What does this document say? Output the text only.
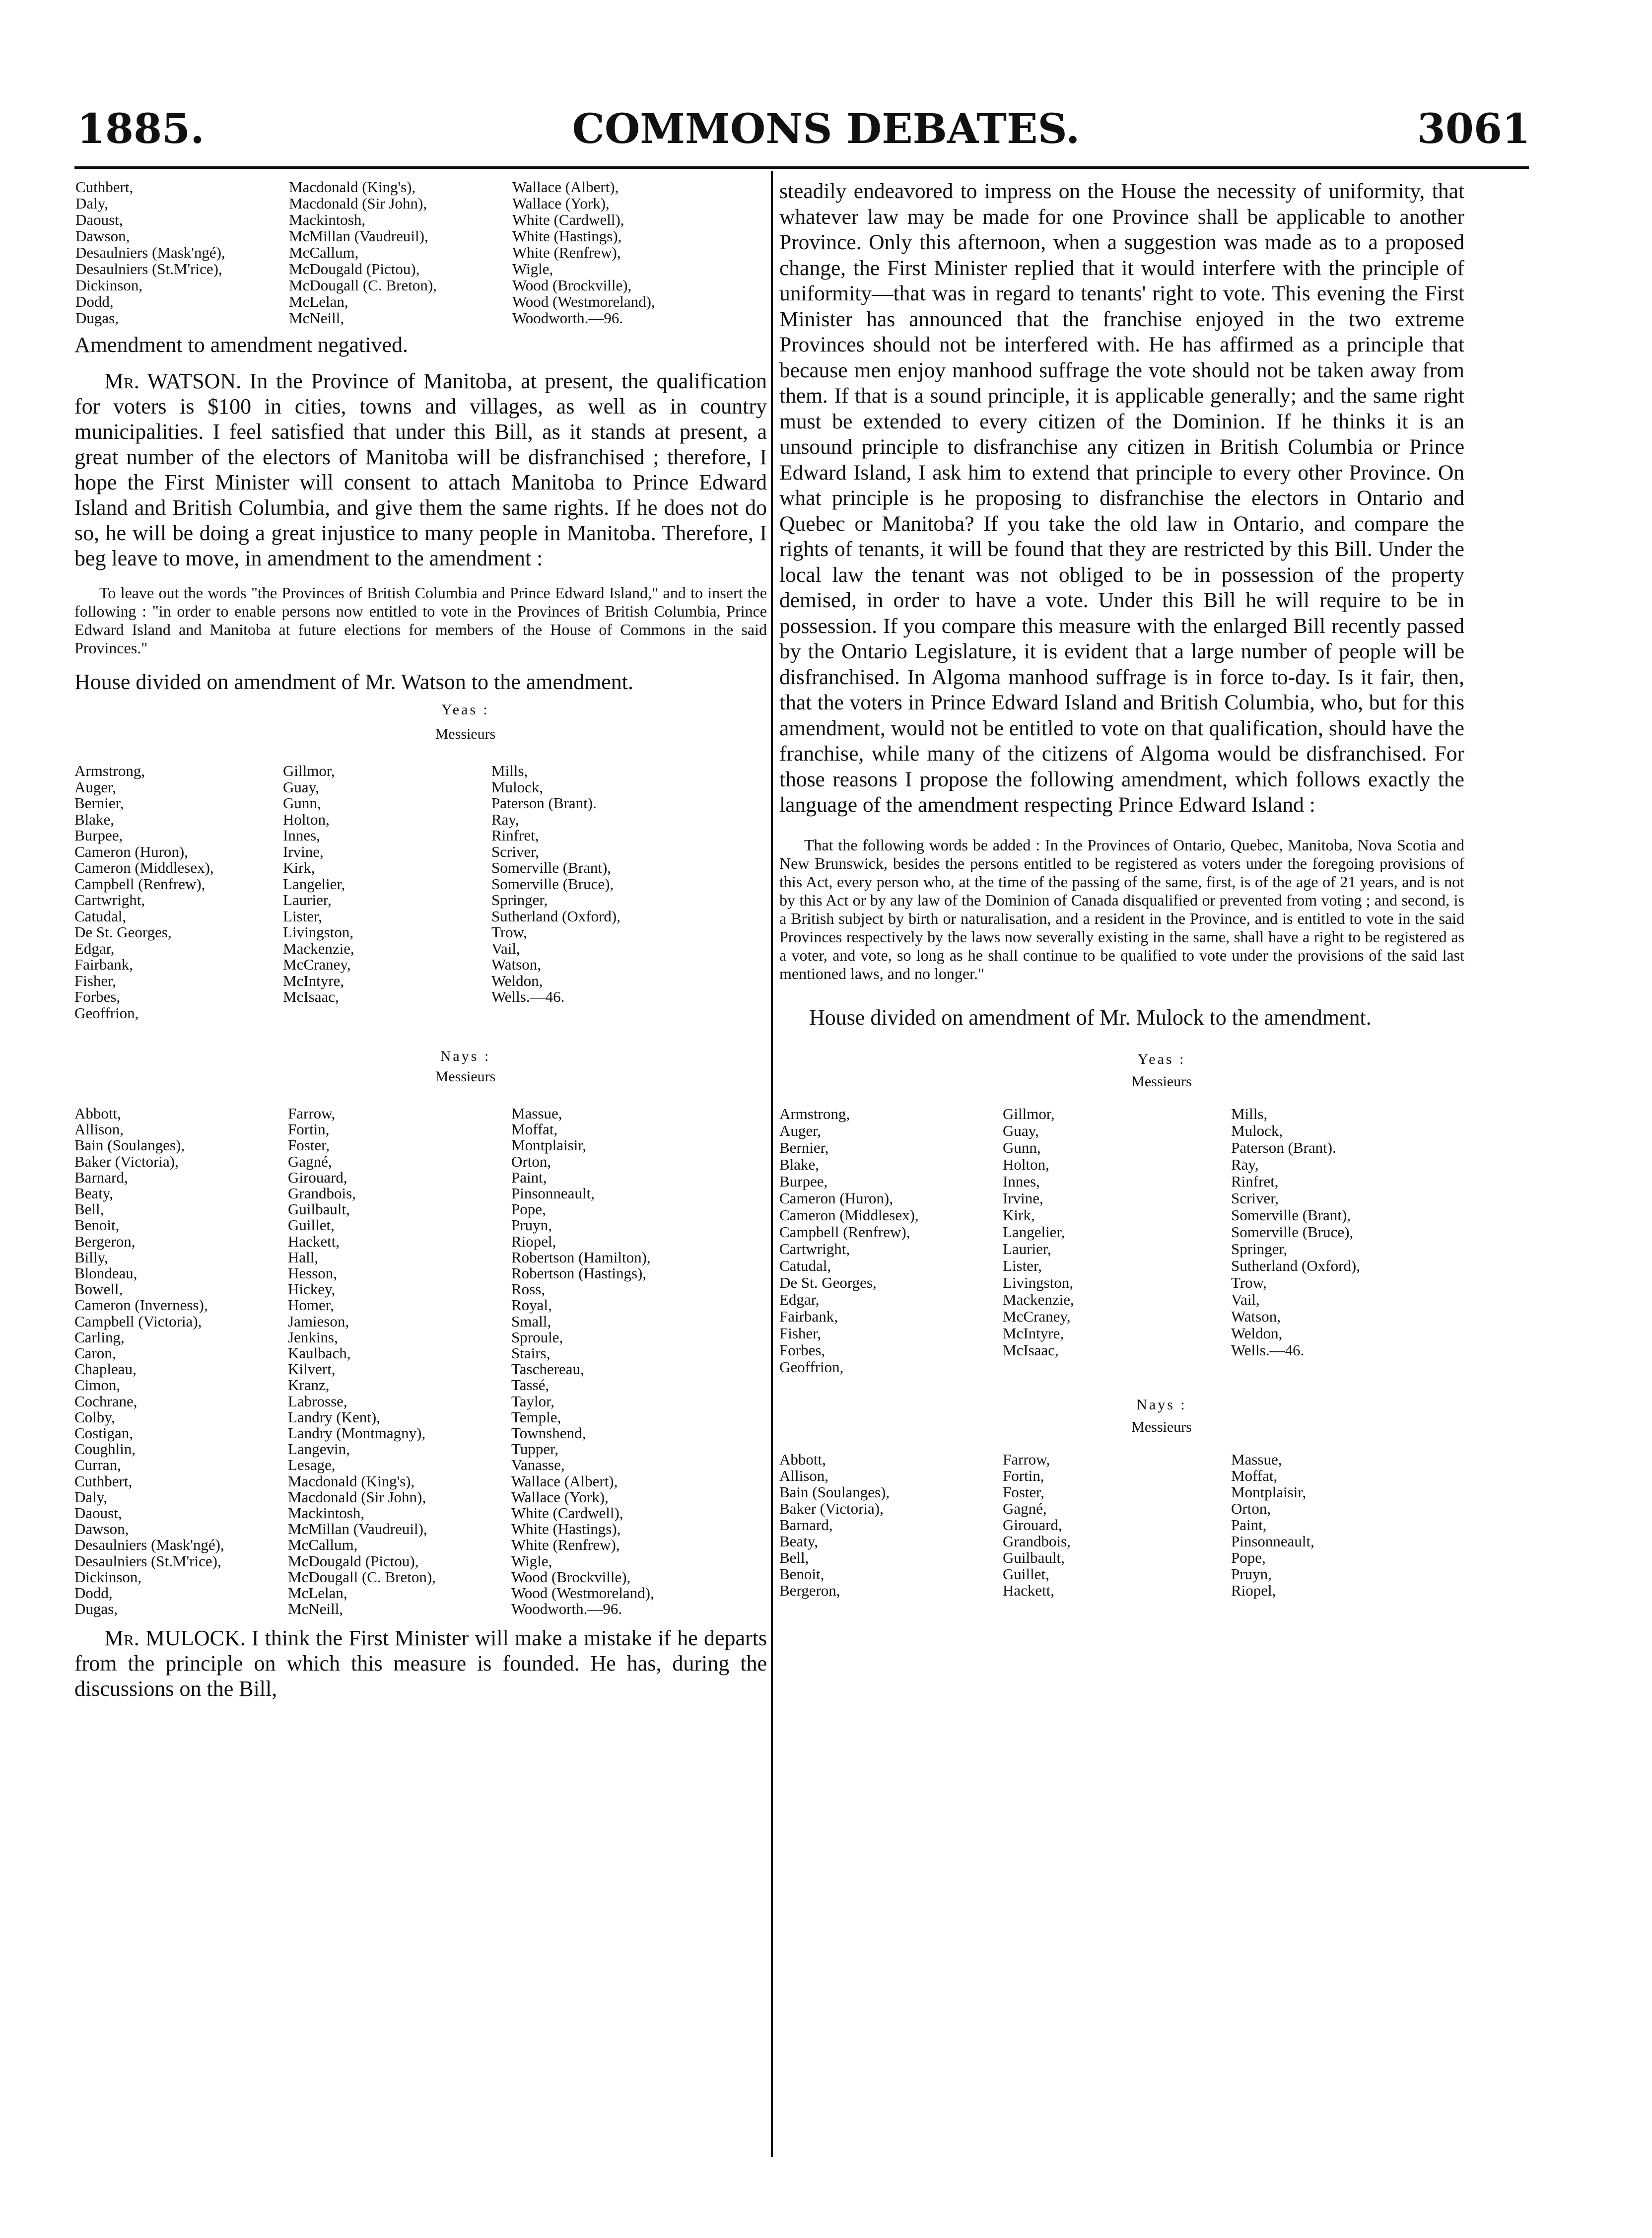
1885.	COMMONS DEBATES.	3061
Cuthbert,
Daly,
Daoust,
Dawson,
Desaulniers (Mask'ngé),
Desaulniers (St.M'rice),
Dickinson,
Dodd,
Dugas,
Macdonald (King's),
Macdonald (Sir John),
Mackintosh,
McMillan (Vaudreuil),
McCallum,
McDougald (Pictou),
McDougall (C. Breton),
McLelan,
McNeill,
Wallace (Albert),
Wallace (York),
White (Cardwell),
White (Hastings),
White (Renfrew),
Wigle,
Wood (Brockville),
Wood (Westmoreland),
Woodworth.—96.

Amendment to amendment negatived.

Mr. WATSON. In the Province of Manitoba, at present, the qualification for voters is $100 in cities, towns and villages, as well as in country municipalities. I feel satisfied that under this Bill, as it stands at present, a great number of the electors of Manitoba will be disfranchised ; therefore, I hope the First Minister will consent to attach Manitoba to Prince Edward Island and British Columbia, and give them the same rights. If he does not do so, he will be doing a great injustice to many people in Manitoba. Therefore, I beg leave to move, in amendment to the amendment :

To leave out the words "the Provinces of British Columbia and Prince Edward Island," and to insert the following : "in order to enable persons now entitled to vote in the Provinces of British Columbia, Prince Edward Island and Manitoba at future elections for members of the House of Commons in the said Provinces."

House divided on amendment of Mr. Watson to the amendment.

Yeas :
Messieurs
Armstrong,
Auger,
Bernier,
Blake,
Burpee,
Cameron (Huron),
Cameron (Middlesex),
Campbell (Renfrew),
Cartwright,
Catudal,
De St. Georges,
Edgar,
Fairbank,
Fisher,
Forbes,
Geoffrion,
Gillmor,
Guay,
Gunn,
Holton,
Innes,
Irvine,
Kirk,
Langelier,
Laurier,
Lister,
Livingston,
Mackenzie,
McCraney,
McIntyre,
McIsaac,
Mills,
Mulock,
Paterson (Brant).
Ray,
Rinfret,
Scriver,
Somerville (Brant),
Somerville (Bruce),
Springer,
Sutherland (Oxford),
Trow,
Vail,
Watson,
Weldon,
Wells.—46.
Nays :
Messieurs
Abbott,
Allison,
Bain (Soulanges),
Baker (Victoria),
Barnard,
Beaty,
Bell,
Benoit,
Bergeron,
Billy,
Blondeau,
Bowell,
Cameron (Inverness),
Campbell (Victoria),
Carling,
Caron,
Chapleau,
Cimon,
Cochrane,
Colby,
Costigan,
Coughlin,
Curran,
Cuthbert,
Daly,
Daoust,
Dawson,
Desaulniers (Mask'ngé),
Desaulniers (St.M'rice),
Dickinson,
Dodd,
Dugas,
Farrow,
Fortin,
Foster,
Gagné,
Girouard,
Grandbois,
Guilbault,
Guillet,
Hackett,
Hall,
Hesson,
Hickey,
Homer,
Jamieson,
Jenkins,
Kaulbach,
Kilvert,
Kranz,
Labrosse,
Landry (Kent),
Landry (Montmagny),
Langevin,
Lesage,
Macdonald (King's),
Macdonald (Sir John),
Mackintosh,
McMillan (Vaudreuil),
McCallum,
McDougald (Pictou),
McDougall (C. Breton),
McLelan,
McNeill,
Massue,
Moffat,
Montplaisir,
Orton,
Paint,
Pinsonneault,
Pope,
Pruyn,
Riopel,
Robertson (Hamilton),
Robertson (Hastings),
Ross,
Royal,
Small,
Sproule,
Stairs,
Taschereau,
Tassé,
Taylor,
Temple,
Townshend,
Tupper,
Vanasse,
Wallace (Albert),
Wallace (York),
White (Cardwell),
White (Hastings),
White (Renfrew),
Wigle,
Wood (Brockville),
Wood (Westmoreland),
Woodworth.—96.

Mr. MULOCK. I think the First Minister will make a mistake if he departs from the principle on which this measure is founded. He has, during the discussions on the Bill,

steadily endeavored to impress on the House the necessity of uniformity, that whatever law may be made for one Province shall be applicable to another Province. Only this afternoon, when a suggestion was made as to a proposed change, the First Minister replied that it would interfere with the principle of uniformity—that was in regard to tenants' right to vote. This evening the First Minister has announced that the franchise enjoyed in the two extreme Provinces should not be interfered with. He has affirmed as a principle that because men enjoy manhood suffrage the vote should not be taken away from them. If that is a sound principle, it is applicable generally; and the same right must be extended to every citizen of the Dominion. If he thinks it is an unsound principle to disfranchise any citizen in British Columbia or Prince Edward Island, I ask him to extend that principle to every other Province. On what principle is he proposing to disfranchise the electors in Ontario and Quebec or Manitoba? If you take the old law in Ontario, and compare the rights of tenants, it will be found that they are restricted by this Bill. Under the local law the tenant was not obliged to be in possession of the property demised, in order to have a vote. Under this Bill he will require to be in possession. If you compare this measure with the enlarged Bill recently passed by the Ontario Legislature, it is evident that a large number of people will be disfranchised. In Algoma manhood suffrage is in force to-day. Is it fair, then, that the voters in Prince Edward Island and British Columbia, who, but for this amendment, would not be entitled to vote on that qualification, should have the franchise, while many of the citizens of Algoma would be disfranchised. For those reasons I propose the following amendment, which follows exactly the language of the amendment respecting Prince Edward Island :

That the following words be added : In the Provinces of Ontario, Quebec, Manitoba, Nova Scotia and New Brunswick, besides the persons entitled to be registered as voters under the foregoing provisions of this Act, every person who, at the time of the passing of the same, first, is of the age of 21 years, and is not by this Act or by any law of the Dominion of Canada disqualified or prevented from voting ; and second, is a British subject by birth or naturalisation, and a resident in the Province, and is entitled to vote in the said Provinces respectively by the laws now severally existing in the same, shall have a right to be registered as a voter, and vote, so long as he shall continue to be qualified to vote under the provisions of the said last mentioned laws, and no longer."

House divided on amendment of Mr. Mulock to the amendment.

Yeas :
Messieurs
Armstrong,
Auger,
Bernier,
Blake,
Burpee,
Cameron (Huron),
Cameron (Middlesex),
Campbell (Renfrew),
Cartwright,
Catudal,
De St. Georges,
Edgar,
Fairbank,
Fisher,
Forbes,
Geoffrion,
Gillmor,
Guay,
Gunn,
Holton,
Innes,
Irvine,
Kirk,
Langelier,
Laurier,
Lister,
Livingston,
Mackenzie,
McCraney,
McIntyre,
McIsaac,
Mills,
Mulock,
Paterson (Brant).
Ray,
Rinfret,
Scriver,
Somerville (Brant),
Somerville (Bruce),
Springer,
Sutherland (Oxford),
Trow,
Vail,
Watson,
Weldon,
Wells.—46.
Nays :
Messieurs
Abbott,
Allison,
Bain (Soulanges),
Baker (Victoria),
Barnard,
Beaty,
Bell,
Benoit,
Bergeron,
Farrow,
Fortin,
Foster,
Gagné,
Girouard,
Grandbois,
Guilbault,
Guillet,
Hackett,
Massue,
Moffat,
Montplaisir,
Orton,
Paint,
Pinsonneault,
Pope,
Pruyn,
Riopel,
